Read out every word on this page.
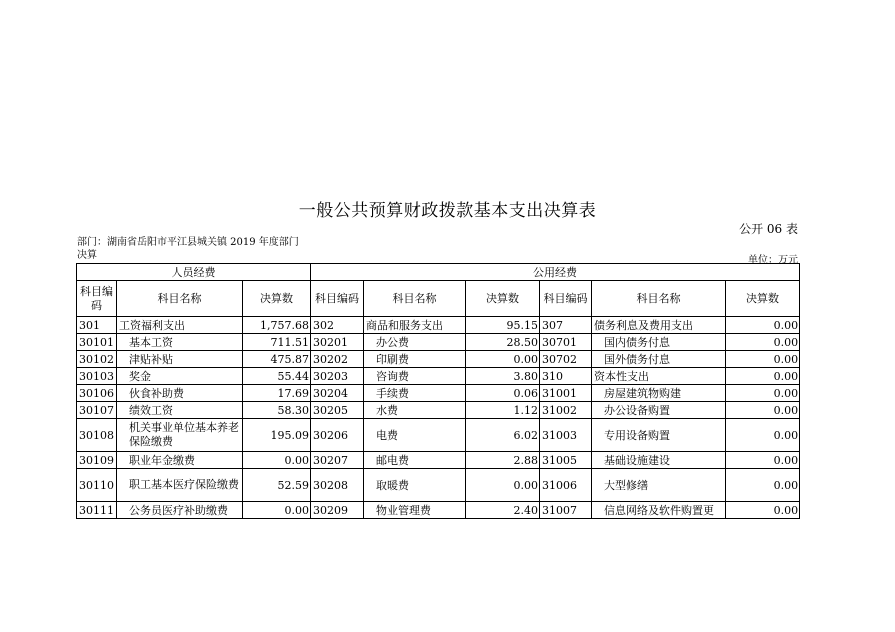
一般公共预算财政拨款基本支出决算表
公开 06 表
部门：湖南省岳阳市平江县城关镇 2019 年度部门
决算	单位：万元
人员经费			公用经费					
科目编码	科目名称	决算数	科目编码	科目名称	决算数	科目编码	科目名称	决算数
301	工资福利支出	1,757.68	302	商品和服务支出	95.15	307	债务利息及费用支出	0.00
30101	基本工资	711.51	30201	办公费	28.50	30701	国内债务付息	0.00
30102	津贴补贴	475.87	30202	印刷费	0.00	30702	国外债务付息	0.00
30103	奖金	55.44	30203	咨询费	3.80	310	资本性支出	0.00
30106	伙食补助费	17.69	30204	手续费	0.06	31001	房屋建筑物购建	0.00
30107	绩效工资	58.30	30205	水费	1.12	31002	办公设备购置	0.00
30108	机关事业单位基本养老保险缴费	195.09	30206	电费	6.02	31003	专用设备购置	0.00
30109	职业年金缴费	0.00	30207	邮电费	2.88	31005	基础设施建设	0.00
30110	职工基本医疗保险缴费	52.59	30208	取暖费	0.00	31006	大型修缮	0.00
30111	公务员医疗补助缴费	0.00	30209	物业管理费	2.40	31007	信息网络及软件购置更	0.00
